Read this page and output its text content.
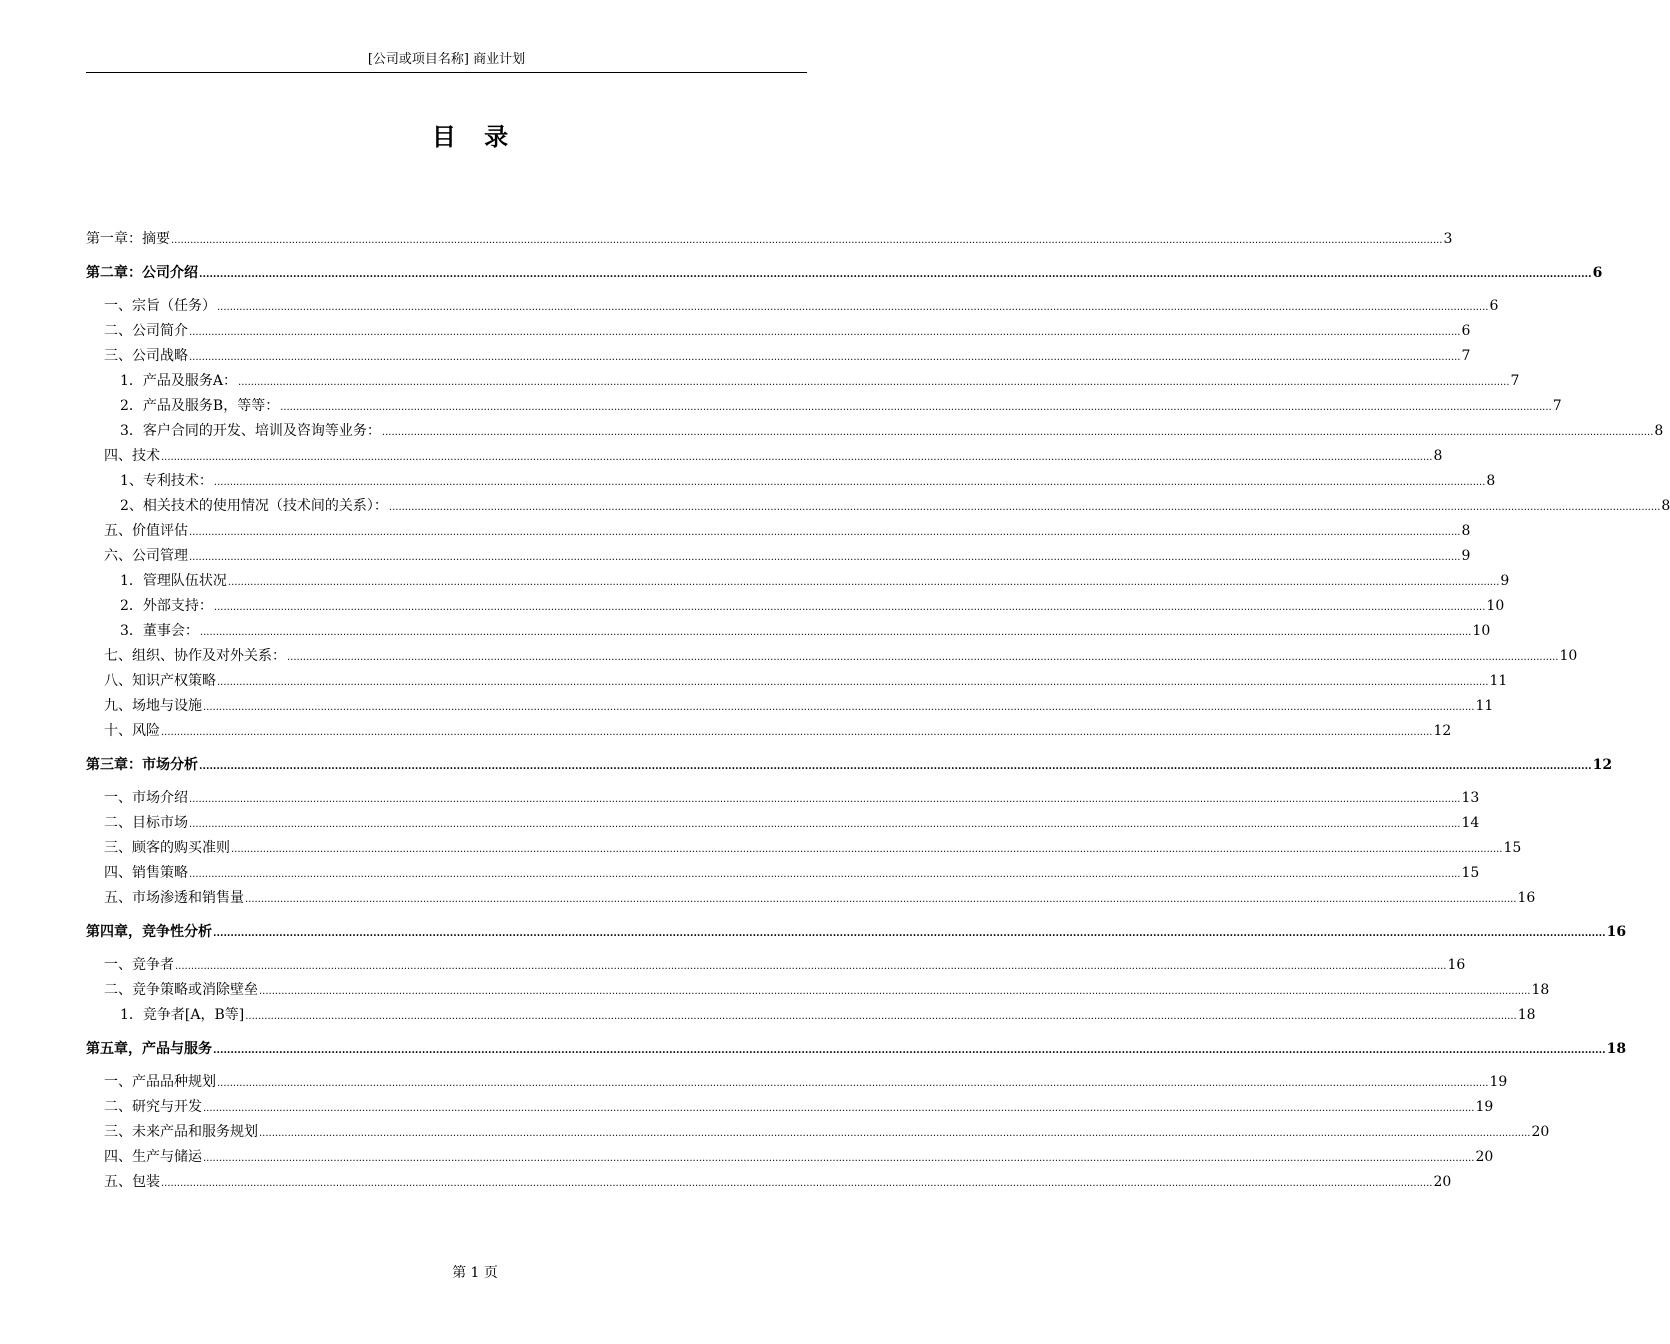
[公司或项目名称] 商业计划
目 录
第一章：摘要 ................................................................................................................................................................................................................................................................................................................................................................................................................ 3
第二章：公司介绍 ................................................................................................................................................................................................................................................................................................................................................................................................................ 6
一、宗旨（任务） ................................................................................................................................................................................................................................................................................................................................................................................................................ 6
二、公司简介 ................................................................................................................................................................................................................................................................................................................................................................................................................ 6
三、公司战略 ................................................................................................................................................................................................................................................................................................................................................................................................................ 7
1．产品及服务A： ................................................................................................................................................................................................................................................................................................................................................................................................................ 7
2．产品及服务B，等等： ................................................................................................................................................................................................................................................................................................................................................................................................................ 7
3．客户合同的开发、培训及咨询等业务： ................................................................................................................................................................................................................................................................................................................................................................................................................ 8
四、技术 ................................................................................................................................................................................................................................................................................................................................................................................................................ 8
1、专利技术： ................................................................................................................................................................................................................................................................................................................................................................................................................ 8
2、相关技术的使用情况（技术间的关系）： ................................................................................................................................................................................................................................................................................................................................................................................................................ 8
五、价值评估 ................................................................................................................................................................................................................................................................................................................................................................................................................ 8
六、公司管理 ................................................................................................................................................................................................................................................................................................................................................................................................................ 9
1．管理队伍状况 ................................................................................................................................................................................................................................................................................................................................................................................................................ 9
2．外部支持： ................................................................................................................................................................................................................................................................................................................................................................................................................ 10
3．董事会： ................................................................................................................................................................................................................................................................................................................................................................................................................ 10
七、组织、协作及对外关系： ................................................................................................................................................................................................................................................................................................................................................................................................................ 10
八、知识产权策略 ................................................................................................................................................................................................................................................................................................................................................................................................................ 11
九、场地与设施 ................................................................................................................................................................................................................................................................................................................................................................................................................ 11
十、风险 ................................................................................................................................................................................................................................................................................................................................................................................................................ 12
第三章：市场分析 ................................................................................................................................................................................................................................................................................................................................................................................................................ 12
一、市场介绍 ................................................................................................................................................................................................................................................................................................................................................................................................................ 13
二、目标市场 ................................................................................................................................................................................................................................................................................................................................................................................................................ 14
三、顾客的购买准则 ................................................................................................................................................................................................................................................................................................................................................................................................................ 15
四、销售策略 ................................................................................................................................................................................................................................................................................................................................................................................................................ 15
五、市场渗透和销售量 ................................................................................................................................................................................................................................................................................................................................................................................................................ 16
第四章，竞争性分析 ................................................................................................................................................................................................................................................................................................................................................................................................................ 16
一、竞争者 ................................................................................................................................................................................................................................................................................................................................................................................................................ 16
二、竞争策略或消除壁垒 ................................................................................................................................................................................................................................................................................................................................................................................................................ 18
1．竞争者[A，B等] ................................................................................................................................................................................................................................................................................................................................................................................................................ 18
第五章，产品与服务 ................................................................................................................................................................................................................................................................................................................................................................................................................ 18
一、产品品种规划 ................................................................................................................................................................................................................................................................................................................................................................................................................ 19
二、研究与开发 ................................................................................................................................................................................................................................................................................................................................................................................................................ 19
三、未来产品和服务规划 ................................................................................................................................................................................................................................................................................................................................................................................................................ 20
四、生产与储运 ................................................................................................................................................................................................................................................................................................................................................................................................................ 20
五、包装 ................................................................................................................................................................................................................................................................................................................................................................................................................ 20
第 1 页
